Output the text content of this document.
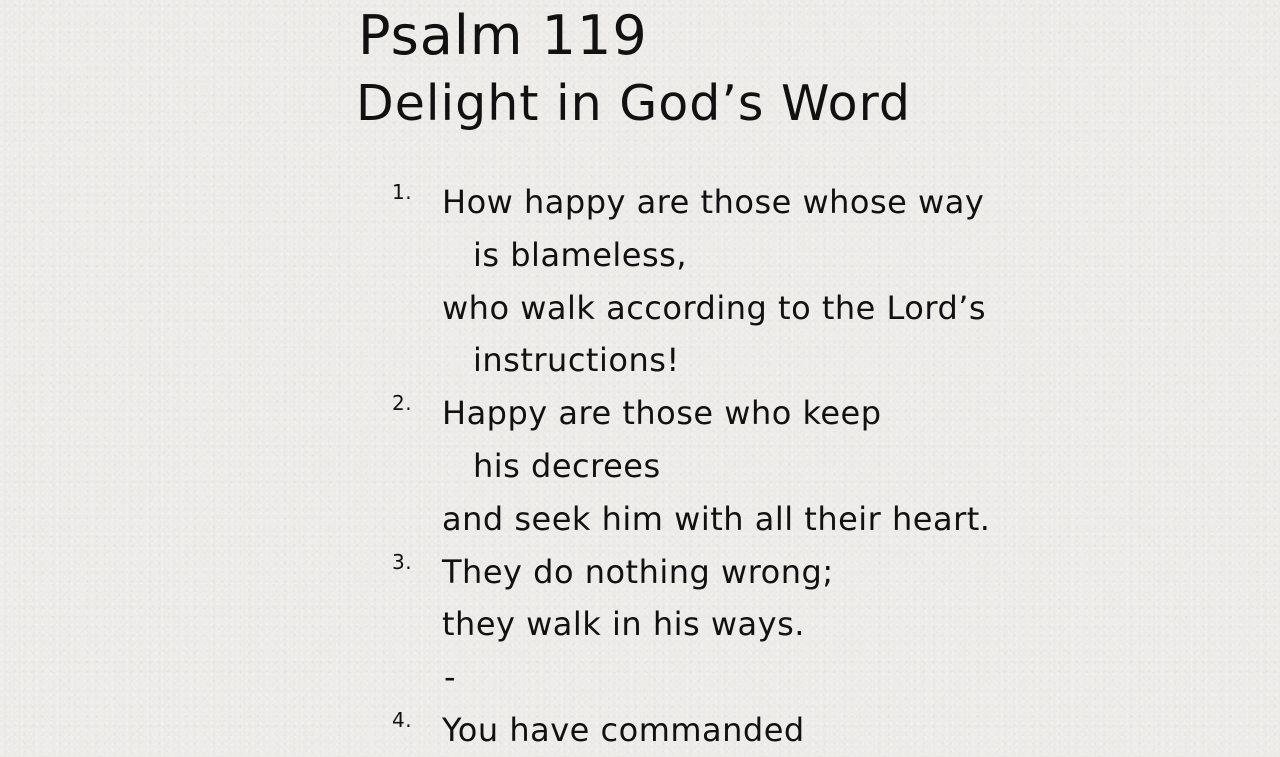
Psalm 119
Delight in God’s Word
1. How happy are those whose way
is blameless,
who walk according to the Lord’s
instructions!
2. Happy are those who keep
his decrees
and seek him with all their heart.
3. They do nothing wrong;
they walk in his ways.
-
4. You have commanded
